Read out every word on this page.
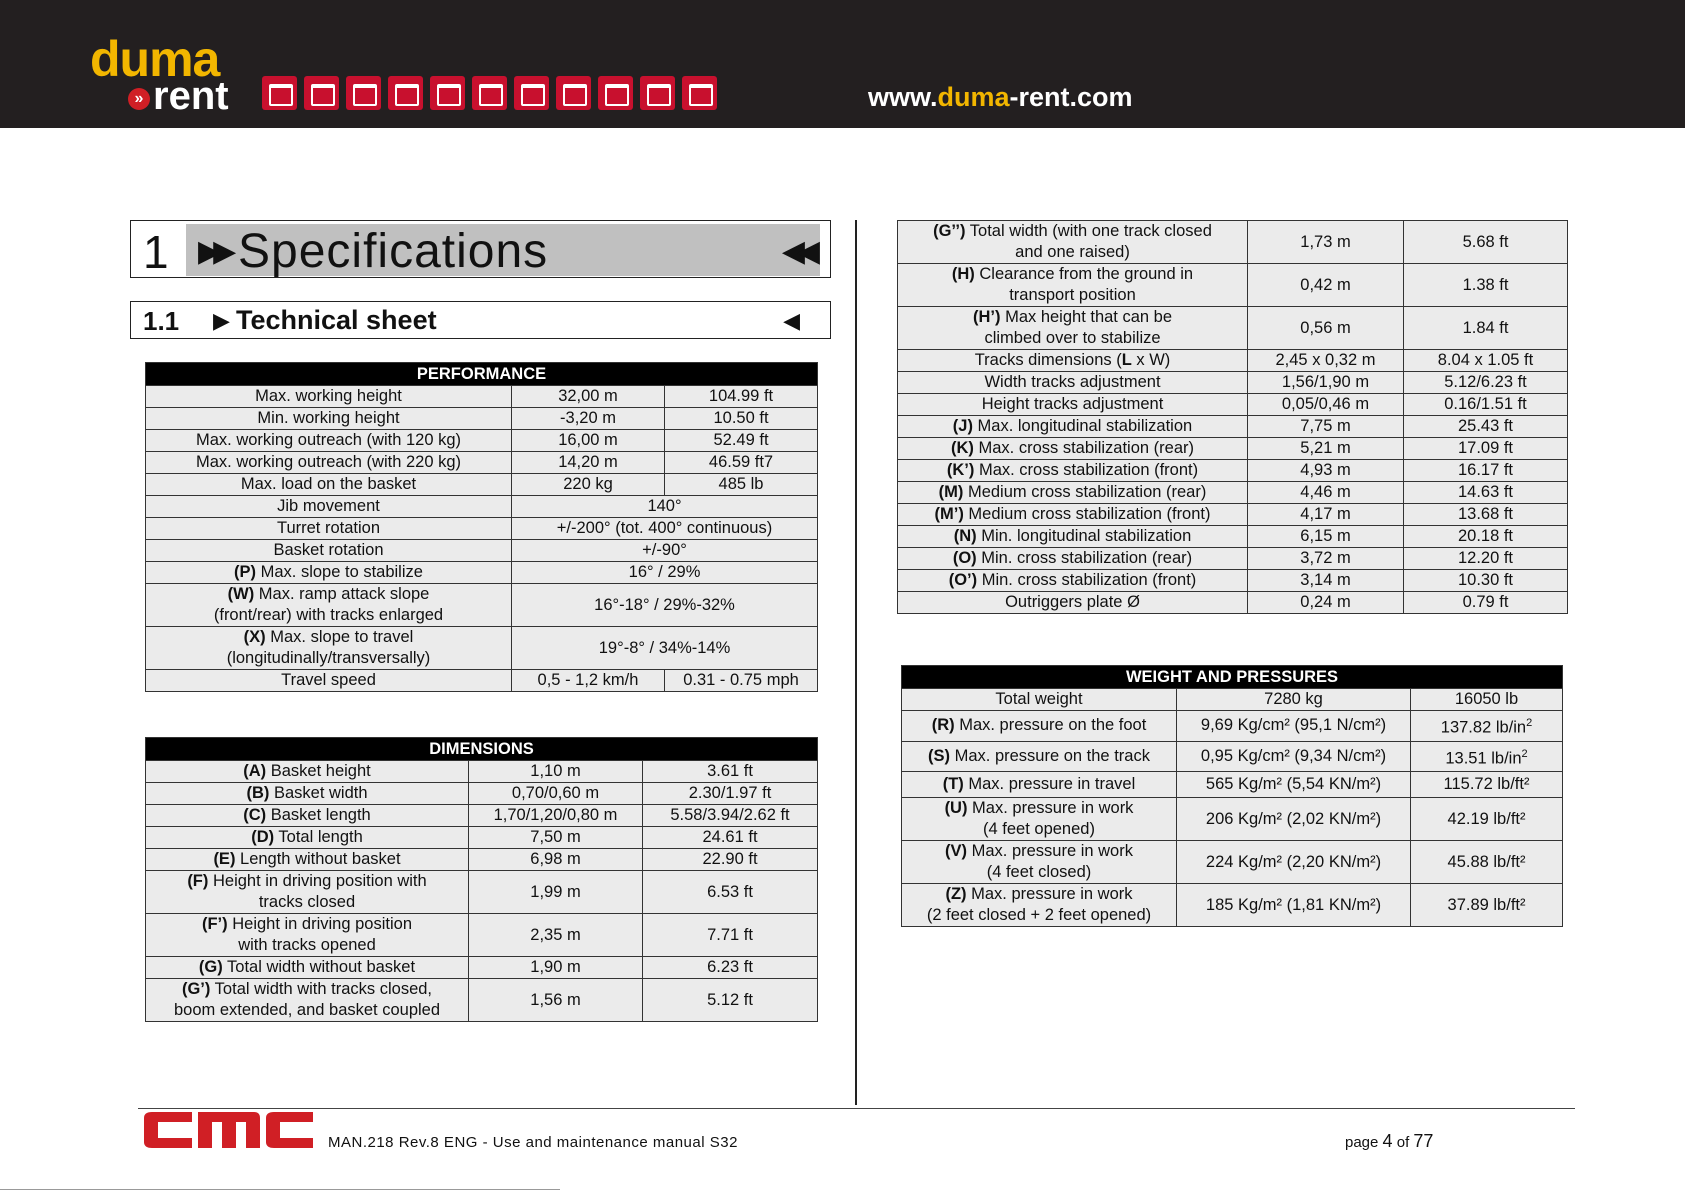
duma
» rent	www.duma-rent.com
1 ▶▶ Specifications	◀◀
1.1 ▶ Technical sheet	◀
PERFORMANCE		
Max. working height	32,00 m	104.99 ft
Min. working height	-3,20 m	10.50 ft
Max. working outreach (with 120 kg)	16,00 m	52.49 ft
Max. working outreach (with 220 kg)	14,20 m	46.59 ft7
Max. load on the basket	220 kg	485 lb
Jib movement	140°	
Turret rotation	+/-200° (tot. 400° continuous)	
Basket rotation	+/-90°	
(P) Max. slope to stabilize	16° / 29%	
(W) Max. ramp attack slope
(front/rear) with tracks enlarged	16°-18° / 29%-32%	
(X) Max. slope to travel
(longitudinally/transversally)	19°-8° / 34%-14%	
Travel speed	0,5 - 1,2 km/h	0.31 - 0.75 mph
DIMENSIONS		
(A) Basket height	1,10 m	3.61 ft
(B) Basket width	0,70/0,60 m	2.30/1.97 ft
(C) Basket length	1,70/1,20/0,80 m	5.58/3.94/2.62 ft
(D) Total length	7,50 m	24.61 ft
(E) Length without basket	6,98 m	22.90 ft
(F) Height in driving position with
tracks closed	1,99 m	6.53 ft
(F’) Height in driving position
with tracks opened	2,35 m	7.71 ft
(G) Total width without basket	1,90 m	6.23 ft
(G’) Total width with tracks closed,
boom extended, and basket coupled	1,56 m	5.12 ft
(G’’) Total width (with one track closed
and one raised)	1,73 m	5.68 ft
(H) Clearance from the ground in
transport position	0,42 m	1.38 ft
(H’) Max height that can be
climbed over to stabilize	0,56 m	1.84 ft
Tracks dimensions (L x W)	2,45 x 0,32 m	8.04 x 1.05 ft
Width tracks adjustment	1,56/1,90 m	5.12/6.23 ft
Height tracks adjustment	0,05/0,46 m	0.16/1.51 ft
(J) Max. longitudinal stabilization	7,75 m	25.43 ft
(K) Max. cross stabilization (rear)	5,21 m	17.09 ft
(K’) Max. cross stabilization (front)	4,93 m	16.17 ft
(M) Medium cross stabilization (rear)	4,46 m	14.63 ft
(M’) Medium cross stabilization (front)	4,17 m	13.68 ft
(N) Min. longitudinal stabilization	6,15 m	20.18 ft
(O) Min. cross stabilization (rear)	3,72 m	12.20 ft
(O’) Min. cross stabilization (front)	3,14 m	10.30 ft
Outriggers plate Ø	0,24 m	0.79 ft
WEIGHT AND PRESSURES		
Total weight	7280 kg	16050 lb
(R) Max. pressure on the foot	9,69 Kg/cm² (95,1 N/cm²)	137.82 $lb/in^2$
(S) Max. pressure on the track	0,95 Kg/cm² (9,34 N/cm²)	13.51 $lb/in^2$
(T) Max. pressure in travel	565 Kg/m² (5,54 KN/m²)	115.72 lb/ft²
(U) Max. pressure in work
(4 feet opened)	206 Kg/m² (2,02 KN/m²)	42.19 lb/ft²
(V) Max. pressure in work
(4 feet closed)	224 Kg/m² (2,20 KN/m²)	45.88 lb/ft²
(Z) Max. pressure in work
(2 feet closed + 2 feet opened)	185 Kg/m² (1,81 KN/m²)	37.89 lb/ft²
MAN.218 Rev.8 ENG - Use and maintenance manual S32	page 4 of 77
